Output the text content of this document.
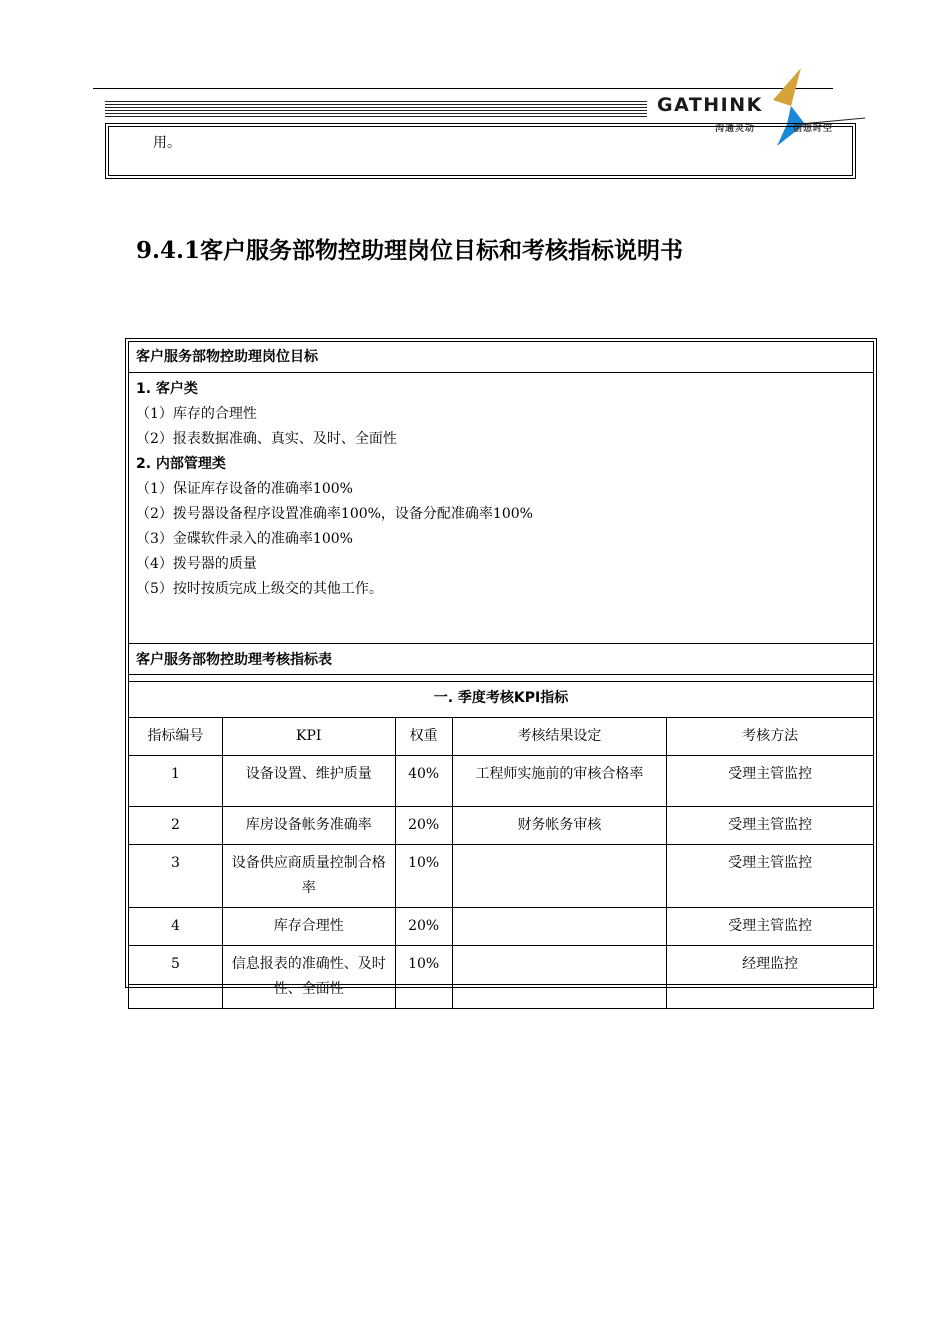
GATHINK
沟通灵动	创想时空
用。
9.4.1客户服务部物控助理岗位目标和考核指标说明书
客户服务部物控助理岗位目标
1. 客户类
（1）库存的合理性
（2）报表数据准确、真实、及时、全面性
2. 内部管理类
（1）保证库存设备的准确率100%
（2）拨号器设备程序设置准确率100%，设备分配准确率100%
（3）金碟软件录入的准确率100%
（4）拨号器的质量
（5）按时按质完成上级交的其他工作。
客户服务部物控助理考核指标表
一. 季度考核KPI指标				
指标编号	KPI	权重	考核结果设定	考核方法
1	设备设置、维护质量	40%	工程师实施前的审核合格率	受理主管监控
2	库房设备帐务准确率	20%	财务帐务审核	受理主管监控
3	设备供应商质量控制合格率	10%		受理主管监控
4	库存合理性	20%		受理主管监控
5	信息报表的准确性、及时性、全面性	10%		经理监控
